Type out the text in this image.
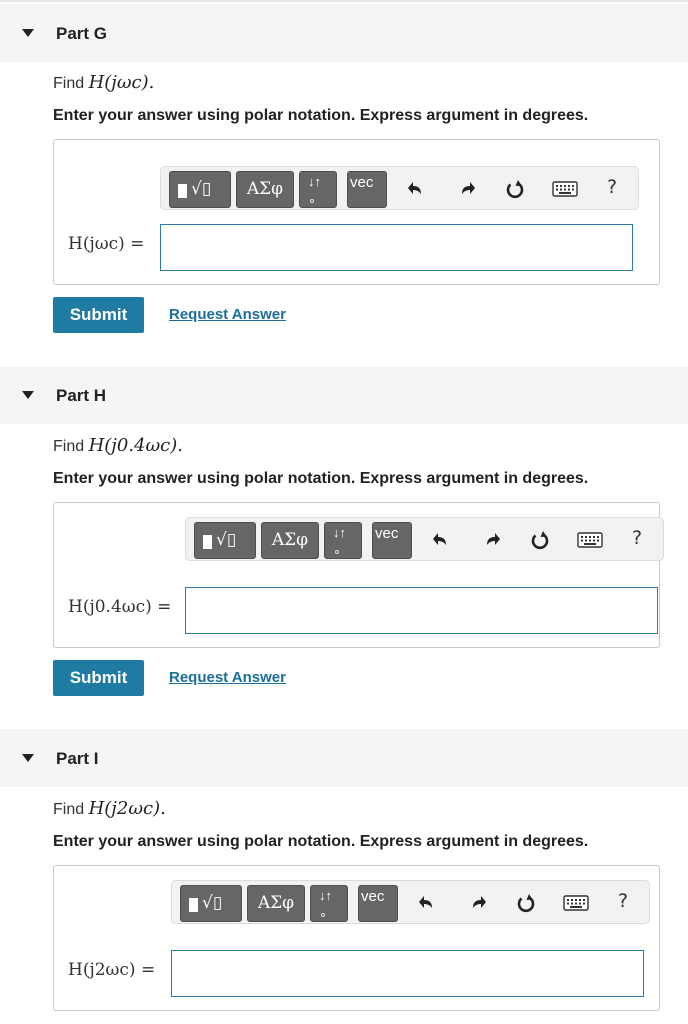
Part G
Find H(jωc).
Enter your answer using polar notation. Express argument in degrees.
√▯	ΑΣφ	↓↑ vec	?
H(jωc) =
Submit	Request Answer
Part H
Find H(j0.4ωc).
Enter your answer using polar notation. Express argument in degrees.
√▯	ΑΣφ	↓↑ vec	?
H(j0.4ωc) =
Submit	Request Answer
Part I
Find H(j2ωc).
Enter your answer using polar notation. Express argument in degrees.
√▯	ΑΣφ	↓↑ vec	?
H(j2ωc) =
